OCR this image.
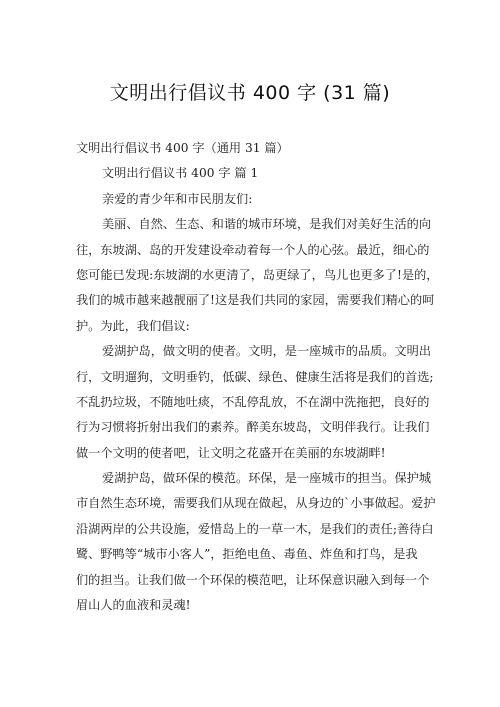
文明出行倡议书 400 字 (31 篇)
文明出行倡议书 400 字（通用 31 篇）
文明出行倡议书 400 字 篇 1
亲爱的青少年和市民朋友们:
美丽、自然、生态、和谐的城市环境，是我们对美好生活的向
往，东坡湖、岛的开发建设牵动着每一个人的心弦。最近，细心的
您可能已发现:东坡湖的水更清了，岛更绿了，鸟儿也更多了!是的，
我们的城市越来越靓丽了!这是我们共同的家园，需要我们精心的呵
护。为此，我们倡议:
爱湖护岛，做文明的使者。文明，是一座城市的品质。文明出
行，文明遛狗，文明垂钓，低碳、绿色、健康生活将是我们的首选;
不乱扔垃圾，不随地吐痰，不乱停乱放，不在湖中洗拖把，良好的
行为习惯将折射出我们的素养。醉美东坡岛，文明伴我行。让我们
做一个文明的使者吧，让文明之花盛开在美丽的东坡湖畔!
爱湖护岛，做环保的模范。环保，是一座城市的担当。保护城
市自然生态环境，需要我们从现在做起，从身边的`小事做起。爱护
沿湖两岸的公共设施，爱惜岛上的一草一木，是我们的责任;善待白
鹭、野鸭等“城市小客人”，拒绝电鱼、毒鱼、炸鱼和打鸟，是我
们的担当。让我们做一个环保的模范吧，让环保意识融入到每一个
眉山人的血液和灵魂!
